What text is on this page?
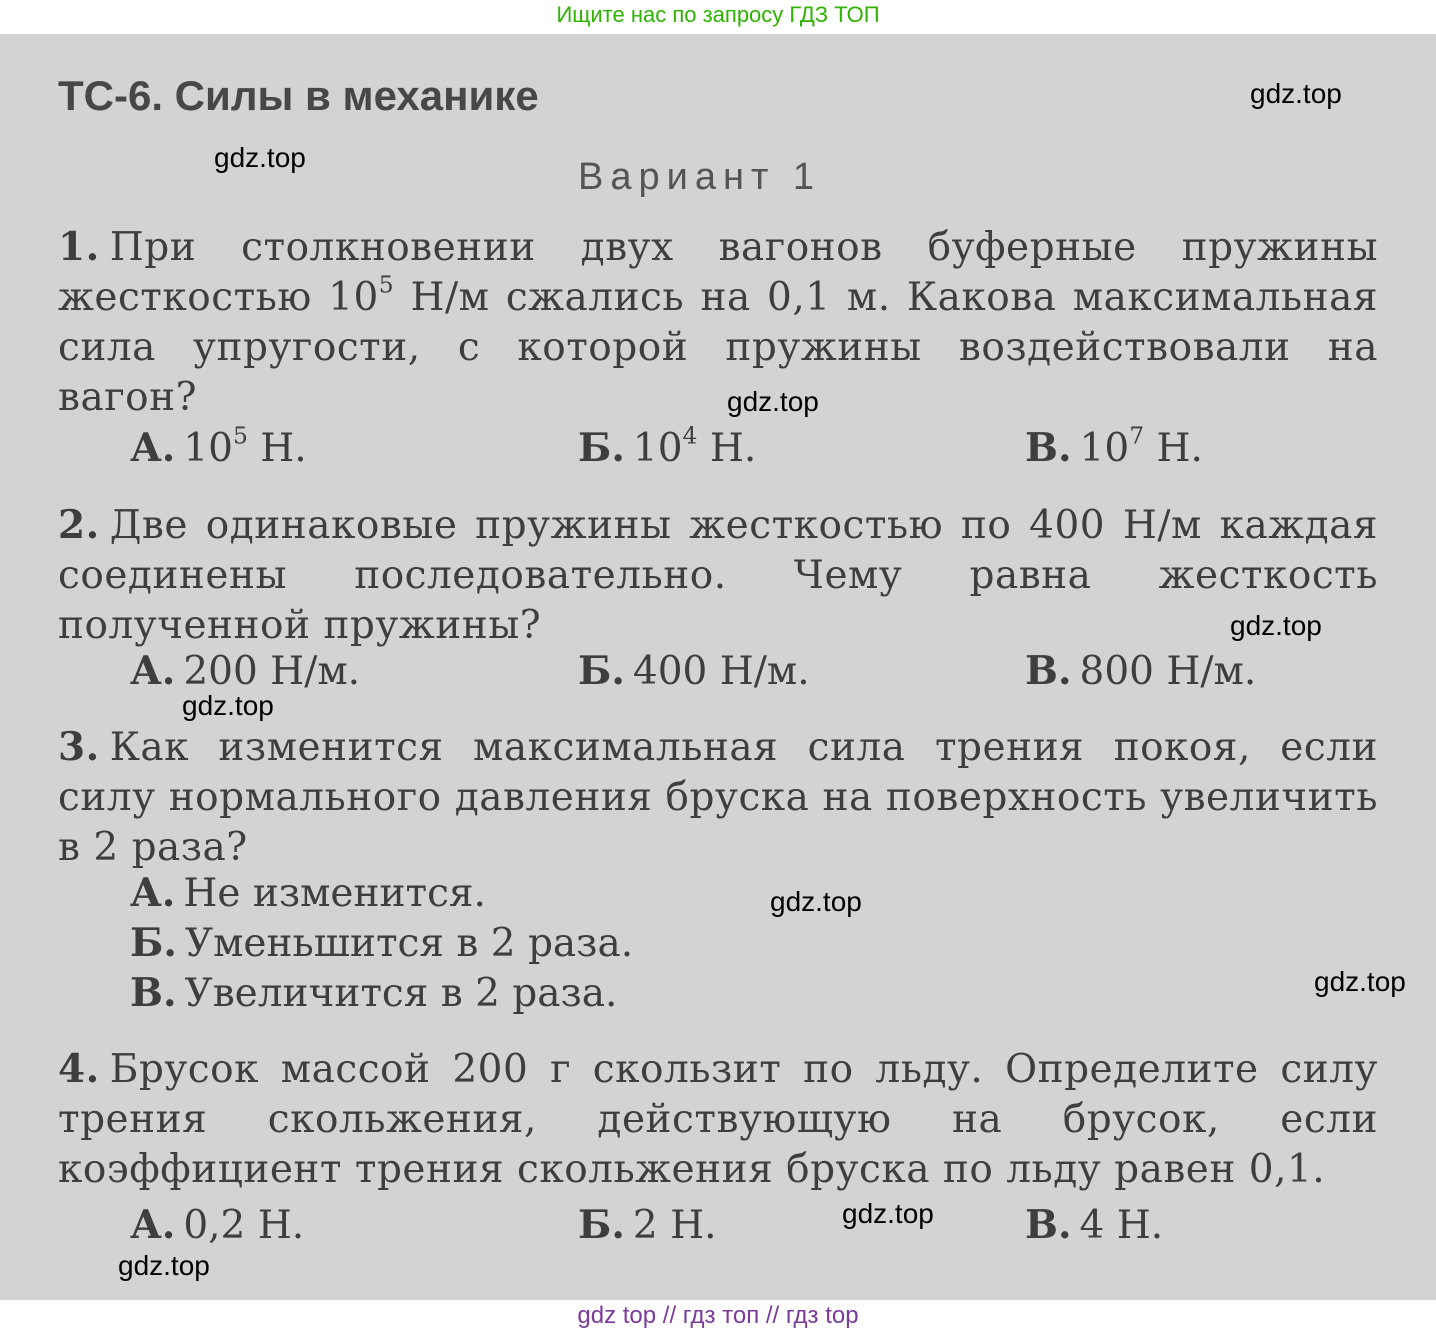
Ищите нас по запросу ГДЗ ТОП
ТС-6. Силы в механике
Вариант 1
1. При столкновении двух вагонов буферные пружины жесткостью $10^5$ Н/м сжались на 0,1 м. Какова максимальная сила упругости, с которой пружины воздействовали на вагон?
А. $10^5$ Н.	Б. $10^4$ Н.	В. $10^7$ Н.
2. Две одинаковые пружины жесткостью по 400 Н/м каждая соединены последовательно. Чему равна жесткость полученной пружины?
А. 200 Н/м.	Б. 400 Н/м.	В. 800 Н/м.
3. Как изменится максимальная сила трения покоя, если силу нормального давления бруска на поверхность увеличить в 2 раза?
А. Не изменится.
Б. Уменьшится в 2 раза.
В. Увеличится в 2 раза.
4. Брусок массой 200 г скользит по льду. Определите силу трения скольжения, действующую на брусок, если коэффициент трения скольжения бруска по льду равен 0,1.
А. 0,2 Н.	Б. 2 Н.	В. 4 Н.
gdz.top
gdz.top
gdz.top
gdz.top
gdz.top
gdz.top
gdz.top
gdz.top
gdz.top
gdz top // гдз топ // гдз top
